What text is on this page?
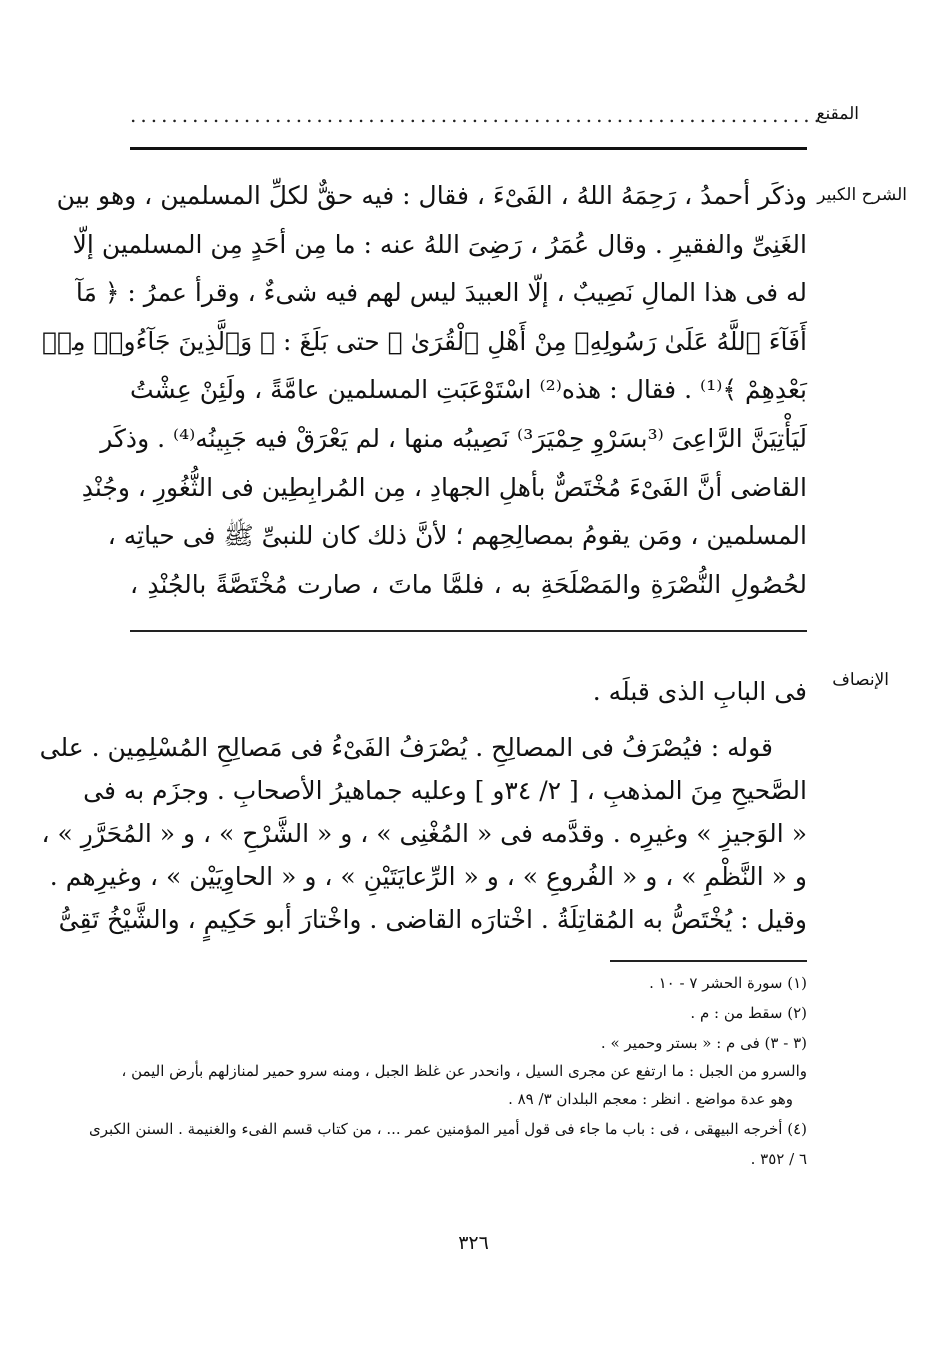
المقنع
...................................................................
الشرح الكبير
وذكَر أحمدُ ، رَحِمَهُ اللهُ ، الفَىْءَ ، فقال : فيه حقٌّ لكلِّ المسلمين ، وهو بين
الغَنِىِّ والفقيرِ . وقال عُمَرُ ، رَضِىَ اللهُ عنه : ما مِن أحَدٍ مِن المسلمين إلّا
له فى هذا المالِ نَصِيبٌ ، إلّا العبيدَ ليس لهم فيه شىءٌ ، وقرأ عمرُ : ﴿ مَآ
أَفَآءَ ٱللَّهُ عَلَىٰ رَسُولِهِۦ مِنْ أَهْلِ ٱلْقُرَىٰ ﴾ حتى بَلَغَ : ﴿ وَٱلَّذِينَ جَآءُوا۟ مِنۢ
بَعْدِهِمْ ﴾⁽¹⁾ . فقال : هذه⁽²⁾ اسْتَوْعَبَتِ المسلمين عامَّةً ، ولَئِنْ عِشْتُ
لَيَأْتِيَنَّ الرَّاعِىَ ⁽³بسَرْوِ حِمْيَرَ³⁾ نَصِيبُه منها ، لم يَعْرَقْ فيه جَبِينُه⁽⁴⁾ . وذكَر
القاضى أنَّ الفَىْءَ مُخْتَصٌّ بأهلِ الجهادِ ، مِن المُرابِطِين فى الثُّغُورِ ، وجُنْدِ
المسلمين ، ومَن يقومُ بمصالِحِهم ؛ لأنَّ ذلك كان للنبىِّ ﷺ فى حياتِه ،
لحُصُولِ النُّصْرَةِ والمَصْلَحَةِ به ، فلمَّا ماتَ ، صارت مُخْتَصَّةً بالجُنْدِ ،
الإنصاف
فى البابِ الذى قبلَه .
قوله : فيُصْرَفُ فى المصالِحِ . يُصْرَفُ الفَىْءُ فى مَصالِحِ المُسْلِمِين . على
الصَّحيحِ مِنَ المذهبِ ، [ ٢/ ٣٤و ] وعليه جماهيرُ الأصحابِ . وجزَم به فى
« الوَجيزِ » وغيرِه . وقدَّمه فى « المُغْنِى » ، و « الشَّرْحِ » ، و « المُحَرَّرِ » ،
و « النَّظْمِ » ، و « الفُروعِ » ، و « الرِّعايَتَيْنِ » ، و « الحاوِيَيْن » ، وغيرِهم .
وقيل : يُخْتَصُّ به المُقاتِلَةُ . اخْتارَه القاضى . واخْتارَ أبو حَكِيمٍ ، والشَّيْخُ تَقِىُّ
(١) سورة الحشر ٧ - ١٠ .
(٢) سقط من : م .
(٣ - ٣) فى م : « بستر وحمير » .
والسرو من الجبل : ما ارتفع عن مجرى السيل ، وانحدر عن غلظ الجبل ، ومنه سرو حمير لمنازلهم بأرض اليمن ،
وهو عدة مواضع . انظر : معجم البلدان ٣/ ٨٩ .
(٤) أخرجه البيهقى ، فى : باب ما جاء فى قول أمير المؤمنين عمر ... ، من كتاب قسم الفىء والغنيمة . السنن الكبرى
٦ / ٣٥٢ .
٣٢٦
